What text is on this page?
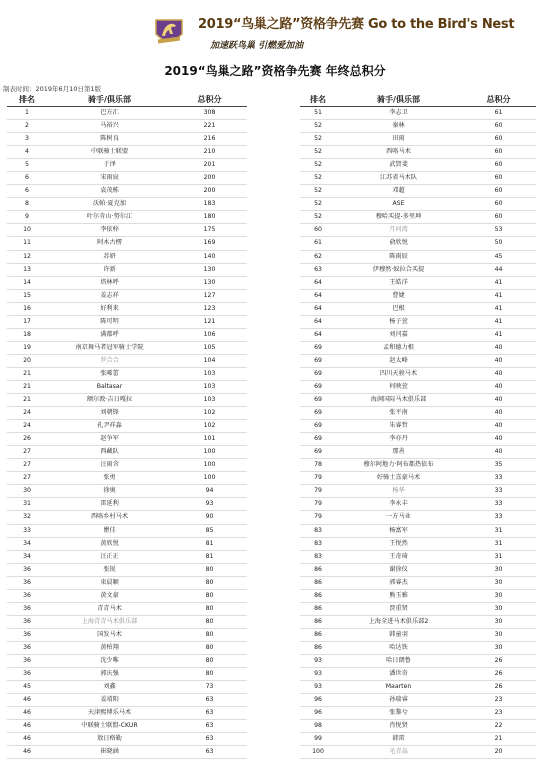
2019“鸟巢之路”资格争先赛 Go to the Bird's Nest
加速跃鸟巢 引燃爱加油
2019“鸟巢之路”资格争先赛 年终总积分
制表时间：2019年6月10日第1版
排名	骑手/俱乐部	总积分
1	巴方汇	308
2	马裕兴	221
3	陈树良	216
4	中联骑士联盟	210
5	于泽	201
6	宋雨宸	200
6	袁茂栋	200
8	沃帕·夏克加	183
9	叶尔肯山·努尔江	180
10	李依梓	175
11	阿木古楞	169
12	苏妍	140
13	许新	130
14	塔林呼	130
15	姜志祥	127
16	好利来	123
17	陈可明	121
18	满都呼	106
19	南京舞马者冠军骑士学院	105
20	罗合合	104
21	张晞蕾	103
21	Baltasar	103
21	额尔敦·吉日嘎拉	103
24	刘朝锋	102
24	孔尹祥淼	102
26	赵争军	101
27	西藏队	100
27	汪雨含	100
27	张勇	100
30	徐奥	94
31	雷延利	93
32	西咯乡村马术	90
33	瞿佳	85
34	黄欣悦	81
34	汪正正	81
36	张锐	80
36	束晨颖	80
36	黄文豪	80
36	青青马术	80
36	上海青青马术俱乐部	80
36	国发马术	80
36	黄柏翔	80
36	沈少唯	80
36	郭庆强	80
45	刘鑫	73
46	姜靖阳	63
46	天津熙博乐马术	63
46	中联骑士联盟-CKUR	63
46	敖日格勒	63
46	崔晓涵	63
排名	骑手/俱乐部	总积分
51	李志卫	61
52	秦林	60
52	田雨	60
52	西咯马术	60
52	武賀斐	60
52	江苏省马术队	60
52	邓超	60
52	ASE	60
52	穆哈买提-多里坤	60
60	月河湾	53
61	俞欣悦	50
62	陈雨辰	45
63	伊穆然·奴拉合买提	44
64	王皓洋	41
64	曹婕	41
64	巴根	41
64	杨子萱	41
64	刘闫嘉	41
69	孟和德力根	40
69	赵太峰	40
69	四川天骏马术	40
69	何映萱	40
69	海润国际马术俱乐部	40
69	张平南	40
69	朱睿哲	40
69	李亦丹	40
69	那善	40
78	穆尔阿地力·阿布都热依布	35
79	好骑士喜豪马术	33
79	杨华	33
79	李永丰	33
79	一方马业	33
83	杨富军	31
83	王悦然	31
83	王奇琦	31
86	谢徐仪	30
86	郭睿杰	30
86	熊玉雅	30
86	贾重贤	30
86	上海全进马术俱乐部2	30
86	韩童羽	30
86	哈达铁	30
93	哈日朗鲁	26
93	潘世奇	26
93	Maarten	26
96	孙瑞睿	23
96	张黎兮	23
98	肖悦贤	22
99	韩雷	21
100	毛青晶	20
